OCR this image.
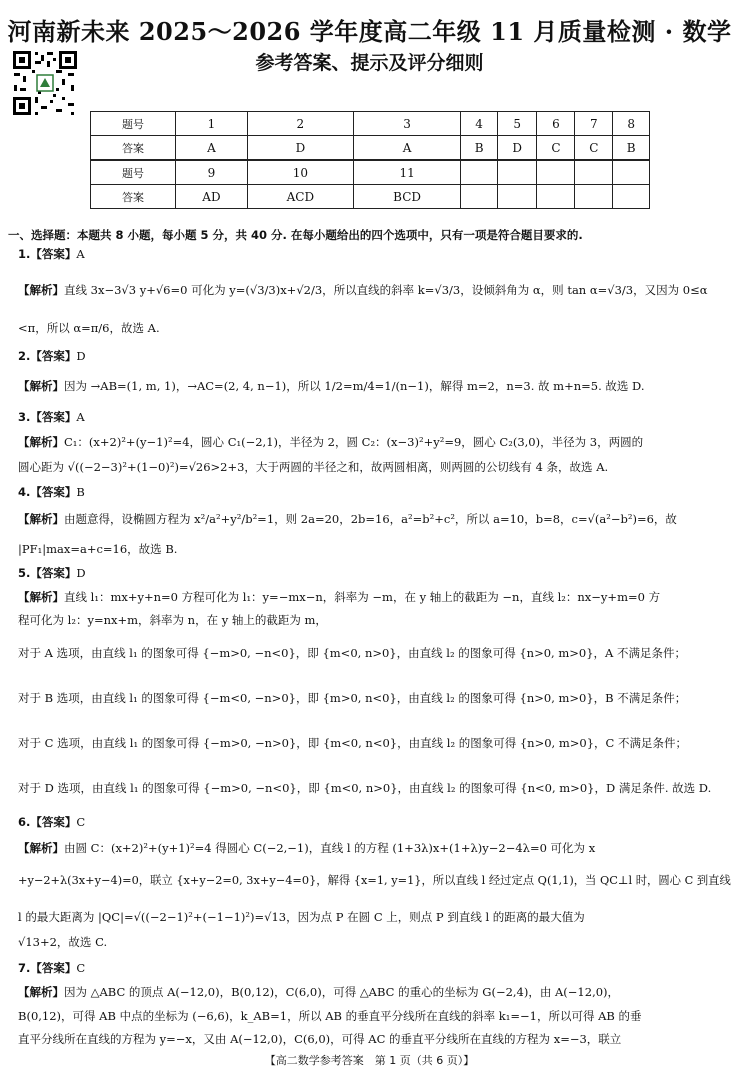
河南新未来 2025～2026 学年度高二年级 11 月质量检测 · 数学
参考答案、提示及评分细则
题号	1	2	3	4	5	6	7	8
答案	A	D	A	B	D	C	C	B
题号	9	10	11					
答案	AD	ACD	BCD					
一、选择题：本题共 8 小题，每小题 5 分，共 40 分. 在每小题给出的四个选项中，只有一项是符合题目要求的.
1.【答案】A
【解析】直线 3x−3√3 y+√6=0 可化为 y=(√3/3)x+√2/3，所以直线的斜率 k=√3/3，设倾斜角为 α，则 tan α=√3/3，又因为 0≤α
<π，所以 α=π/6，故选 A.
2.【答案】D
【解析】因为 →AB=(1, m, 1)，→AC=(2, 4, n−1)，所以 1/2=m/4=1/(n−1)，解得 m=2，n=3. 故 m+n=5. 故选 D.
3.【答案】A
【解析】C₁：(x+2)²+(y−1)²=4，圆心 C₁(−2,1)，半径为 2，圆 C₂：(x−3)²+y²=9，圆心 C₂(3,0)，半径为 3，两圆的
圆心距为 √((−2−3)²+(1−0)²)=√26>2+3，大于两圆的半径之和，故两圆相离，则两圆的公切线有 4 条，故选 A.
4.【答案】B
【解析】由题意得，设椭圆方程为 x²/a²+y²/b²=1，则 2a=20，2b=16，a²=b²+c²，所以 a=10，b=8，c=√(a²−b²)=6，故
|PF₁|max=a+c=16，故选 B.
5.【答案】D
【解析】直线 l₁：mx+y+n=0 方程可化为 l₁：y=−mx−n，斜率为 −m，在 y 轴上的截距为 −n，直线 l₂：nx−y+m=0 方
程可化为 l₂：y=nx+m，斜率为 n，在 y 轴上的截距为 m，
对于 A 选项，由直线 l₁ 的图象可得 {−m>0, −n<0}，即 {m<0, n>0}，由直线 l₂ 的图象可得 {n>0, m>0}，A 不满足条件；
对于 B 选项，由直线 l₁ 的图象可得 {−m<0, −n>0}，即 {m>0, n<0}，由直线 l₂ 的图象可得 {n>0, m>0}，B 不满足条件；
对于 C 选项，由直线 l₁ 的图象可得 {−m>0, −n>0}，即 {m<0, n<0}，由直线 l₂ 的图象可得 {n>0, m>0}，C 不满足条件；
对于 D 选项，由直线 l₁ 的图象可得 {−m>0, −n<0}，即 {m<0, n>0}，由直线 l₂ 的图象可得 {n<0, m>0}，D 满足条件. 故选 D.
6.【答案】C
【解析】由圆 C：(x+2)²+(y+1)²=4 得圆心 C(−2,−1)，直线 l 的方程 (1+3λ)x+(1+λ)y−2−4λ=0 可化为 x
+y−2+λ(3x+y−4)=0，联立 {x+y−2=0, 3x+y−4=0}，解得 {x=1, y=1}，所以直线 l 经过定点 Q(1,1)，当 QC⊥l 时，圆心 C 到直线
l 的最大距离为 |QC|=√((−2−1)²+(−1−1)²)=√13，因为点 P 在圆 C 上，则点 P 到直线 l 的距离的最大值为
√13+2，故选 C.
7.【答案】C
【解析】因为 △ABC 的顶点 A(−12,0)，B(0,12)，C(6,0)，可得 △ABC 的重心的坐标为 G(−2,4)，由 A(−12,0)，
B(0,12)，可得 AB 中点的坐标为 (−6,6)，k_AB=1，所以 AB 的垂直平分线所在直线的斜率 k₁=−1，所以可得 AB 的垂
直平分线所在直线的方程为 y=−x，又由 A(−12,0)，C(6,0)，可得 AC 的垂直平分线所在直线的方程为 x=−3，联立
【高二数学参考答案　第 1 页（共 6 页）】
